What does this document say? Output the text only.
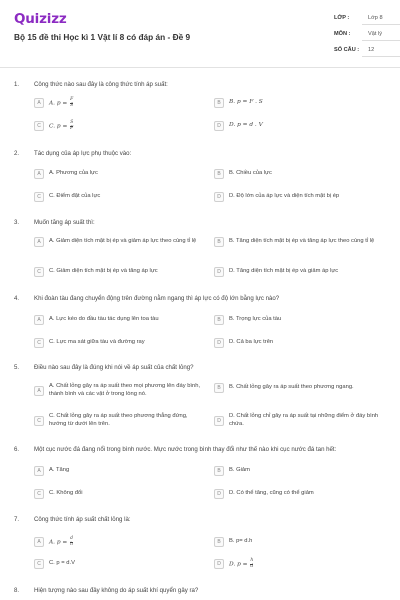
Quizizz
Bộ 15 đề thi Học kì 1 Vật lí 8 có đáp án - Đề 9
LỚP :	Lớp 8
MÔN :	Vật lý
SỐ CÂU : 12
1. Công thức nào sau đây là công thức tính áp suất:
A	A. $p = \frac{F}{S}$	B	B. p = F . S
C	C. $p = \frac{S}{F}$	D	D. p = d . V
2. Tác dụng của áp lực phụ thuộc vào:
A	A. Phương của lực	B	B. Chiều của lực
C	C. Điểm đặt của lực	D	D. Độ lớn của áp lực và diện tích mặt bị ép
3. Muốn tăng áp suất thì:
A	A. Giảm diện tích mặt bị ép và giảm áp lực theo cùng tỉ lệ	B	B. Tăng diện tích mặt bị ép và tăng áp lực theo cùng tỉ lệ
C	C. Giảm diện tích mặt bị ép và tăng áp lực	D	D. Tăng diện tích mặt bị ép và giảm áp lực
4. Khi đoàn tàu đang chuyển động trên đường nằm ngang thì áp lực có độ lớn bằng lực nào?
A	A. Lực kéo do đầu tàu tác dụng lên toa tàu	B	B. Trọng lực của tàu
C	C. Lực ma sát giữa tàu và đường ray	D	D. Cả ba lực trên
5. Điều nào sau đây là đúng khi nói về áp suất của chất lỏng?
A
A. Chất lỏng gây ra áp suất theo mọi phương lên đáy bình, thành bình và các vật ở trong lòng nó.
B	B. Chất lỏng gây ra áp suất theo phương ngang.
C
C. Chất lỏng gây ra áp suất theo phương thẳng đứng, hướng từ dưới lên trên.	D
D. Chất lỏng chỉ gây ra áp suất tại những điểm ở đáy bình chứa.
6. Một cục nước đá đang nổi trong bình nước. Mực nước trong bình thay đổi như thế nào khi cục nước đá tan hết:
A	A. Tăng	B	B. Giảm
C	C. Không đổi	D	D. Có thể tăng, cũng có thể giảm
7. Công thức tính áp suất chất lỏng là:
A	A. $p = \frac{d}{h}$	B	B. p= d.h
C	C. p = d.V	D	D. $p = \frac{h}{d}$
8. Hiện tượng nào sau đây không do áp suất khí quyển gây ra?
